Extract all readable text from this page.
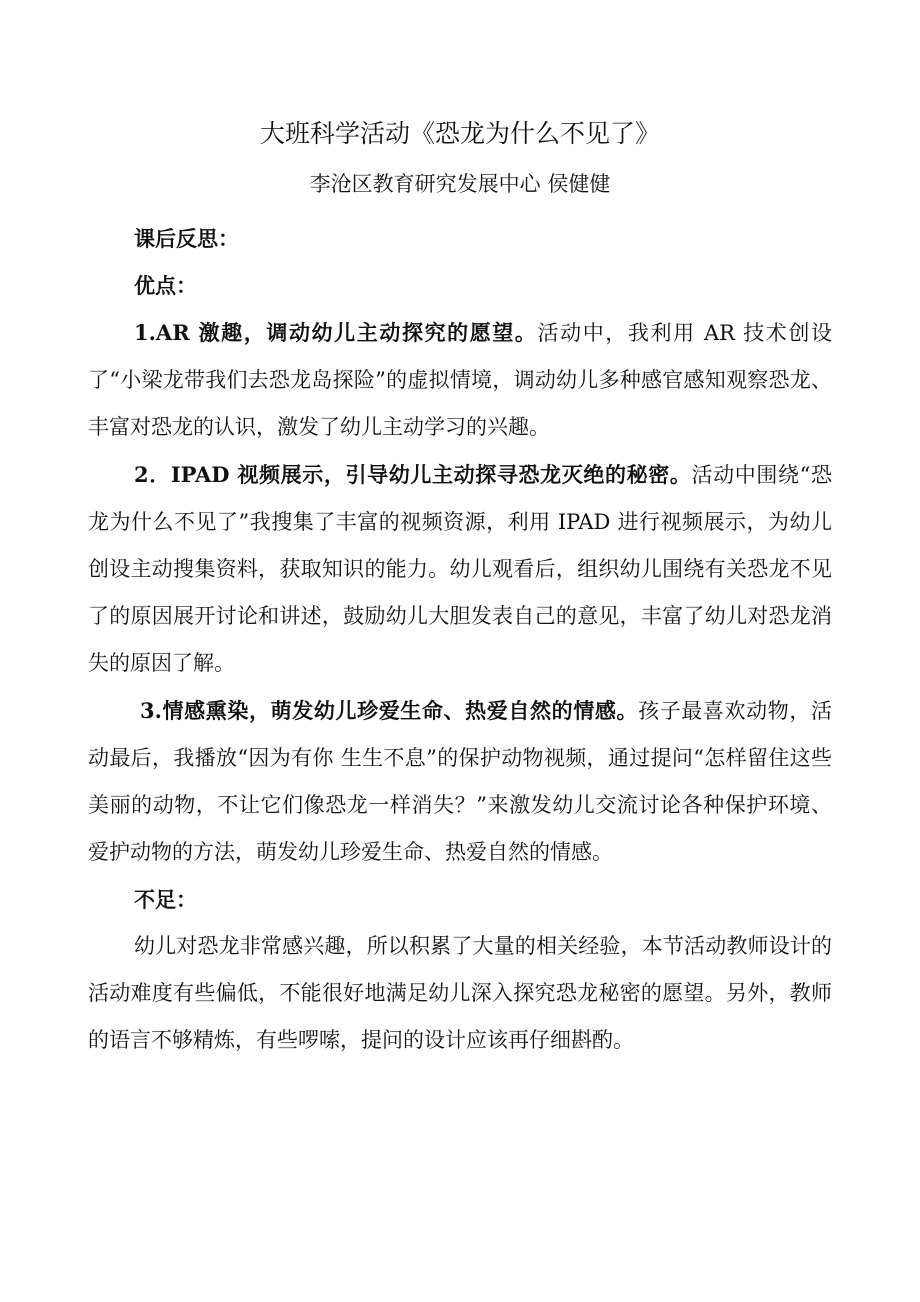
大班科学活动《恐龙为什么不见了》
李沧区教育研究发展中心 侯健健

课后反思：

优点：

1.AR 激趣，调动幼儿主动探究的愿望。活动中，我利用 AR 技术创设了“小梁龙带我们去恐龙岛探险”的虚拟情境，调动幼儿多种感官感知观察恐龙、丰富对恐龙的认识，激发了幼儿主动学习的兴趣。

2．IPAD 视频展示，引导幼儿主动探寻恐龙灭绝的秘密。活动中围绕“恐龙为什么不见了”我搜集了丰富的视频资源，利用 IPAD 进行视频展示，为幼儿创设主动搜集资料，获取知识的能力。幼儿观看后，组织幼儿围绕有关恐龙不见了的原因展开讨论和讲述，鼓励幼儿大胆发表自己的意见，丰富了幼儿对恐龙消失的原因了解。

3.情感熏染，萌发幼儿珍爱生命、热爱自然的情感。孩子最喜欢动物，活动最后，我播放“因为有你 生生不息”的保护动物视频，通过提问“怎样留住这些美丽的动物，不让它们像恐龙一样消失？”来激发幼儿交流讨论各种保护环境、爱护动物的方法，萌发幼儿珍爱生命、热爱自然的情感。

不足：

幼儿对恐龙非常感兴趣，所以积累了大量的相关经验，本节活动教师设计的活动难度有些偏低，不能很好地满足幼儿深入探究恐龙秘密的愿望。另外，教师的语言不够精炼，有些啰嗦，提问的设计应该再仔细斟酌。
